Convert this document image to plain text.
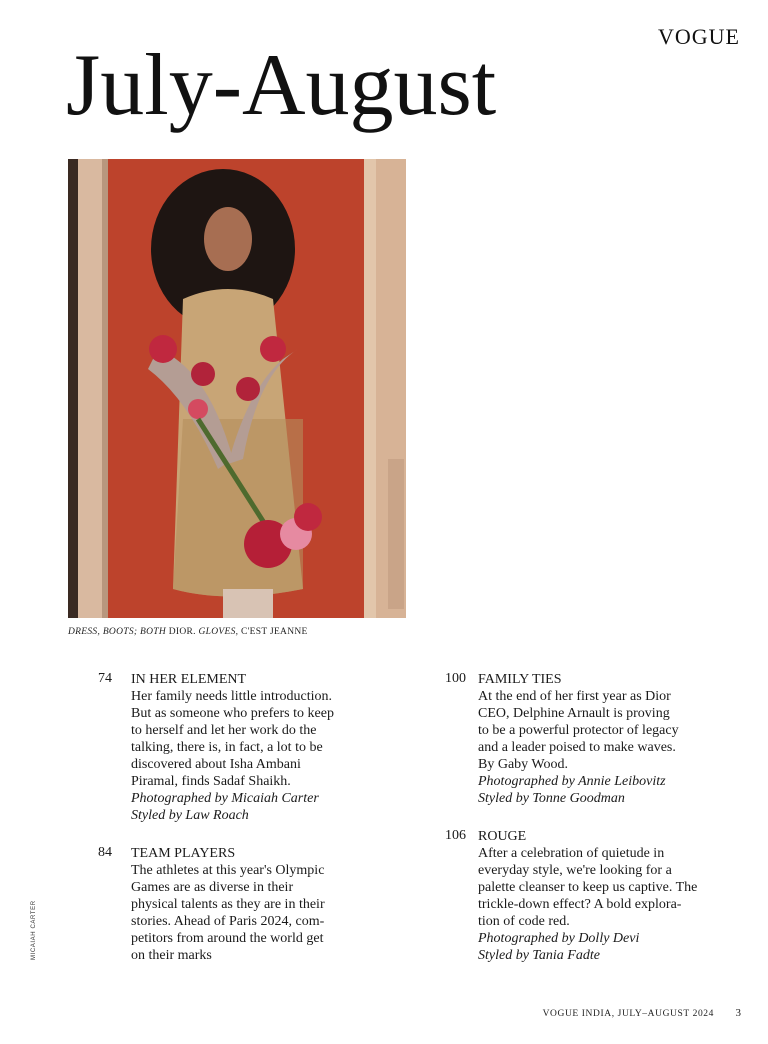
VOGUE
July-August
DRESS, BOOTS; BOTH DIOR. GLOVES, C'EST JEANNE
74 IN HER ELEMENT
Her family needs little introduction.
But as someone who prefers to keep
to herself and let her work do the
talking, there is, in fact, a lot to be
discovered about Isha Ambani
Piramal, finds Sadaf Shaikh.
Photographed by Micaiah Carter
Styled by Law Roach
84 TEAM PLAYERS
The athletes at this year's Olympic
Games are as diverse in their
physical talents as they are in their
stories. Ahead of Paris 2024, com-
petitors from around the world get
on their marks
100 FAMILY TIES
At the end of her first year as Dior
CEO, Delphine Arnault is proving
to be a powerful protector of legacy
and a leader poised to make waves.
By Gaby Wood.
Photographed by Annie Leibovitz
Styled by Tonne Goodman
106 ROUGE
After a celebration of quietude in
everyday style, we're looking for a
palette cleanser to keep us captive. The
trickle-down effect? A bold explora-
tion of code red.
Photographed by Dolly Devi
Styled by Tania Fadte
MICAIAH CARTER
VOGUE INDIA, JULY–AUGUST 2024 3
